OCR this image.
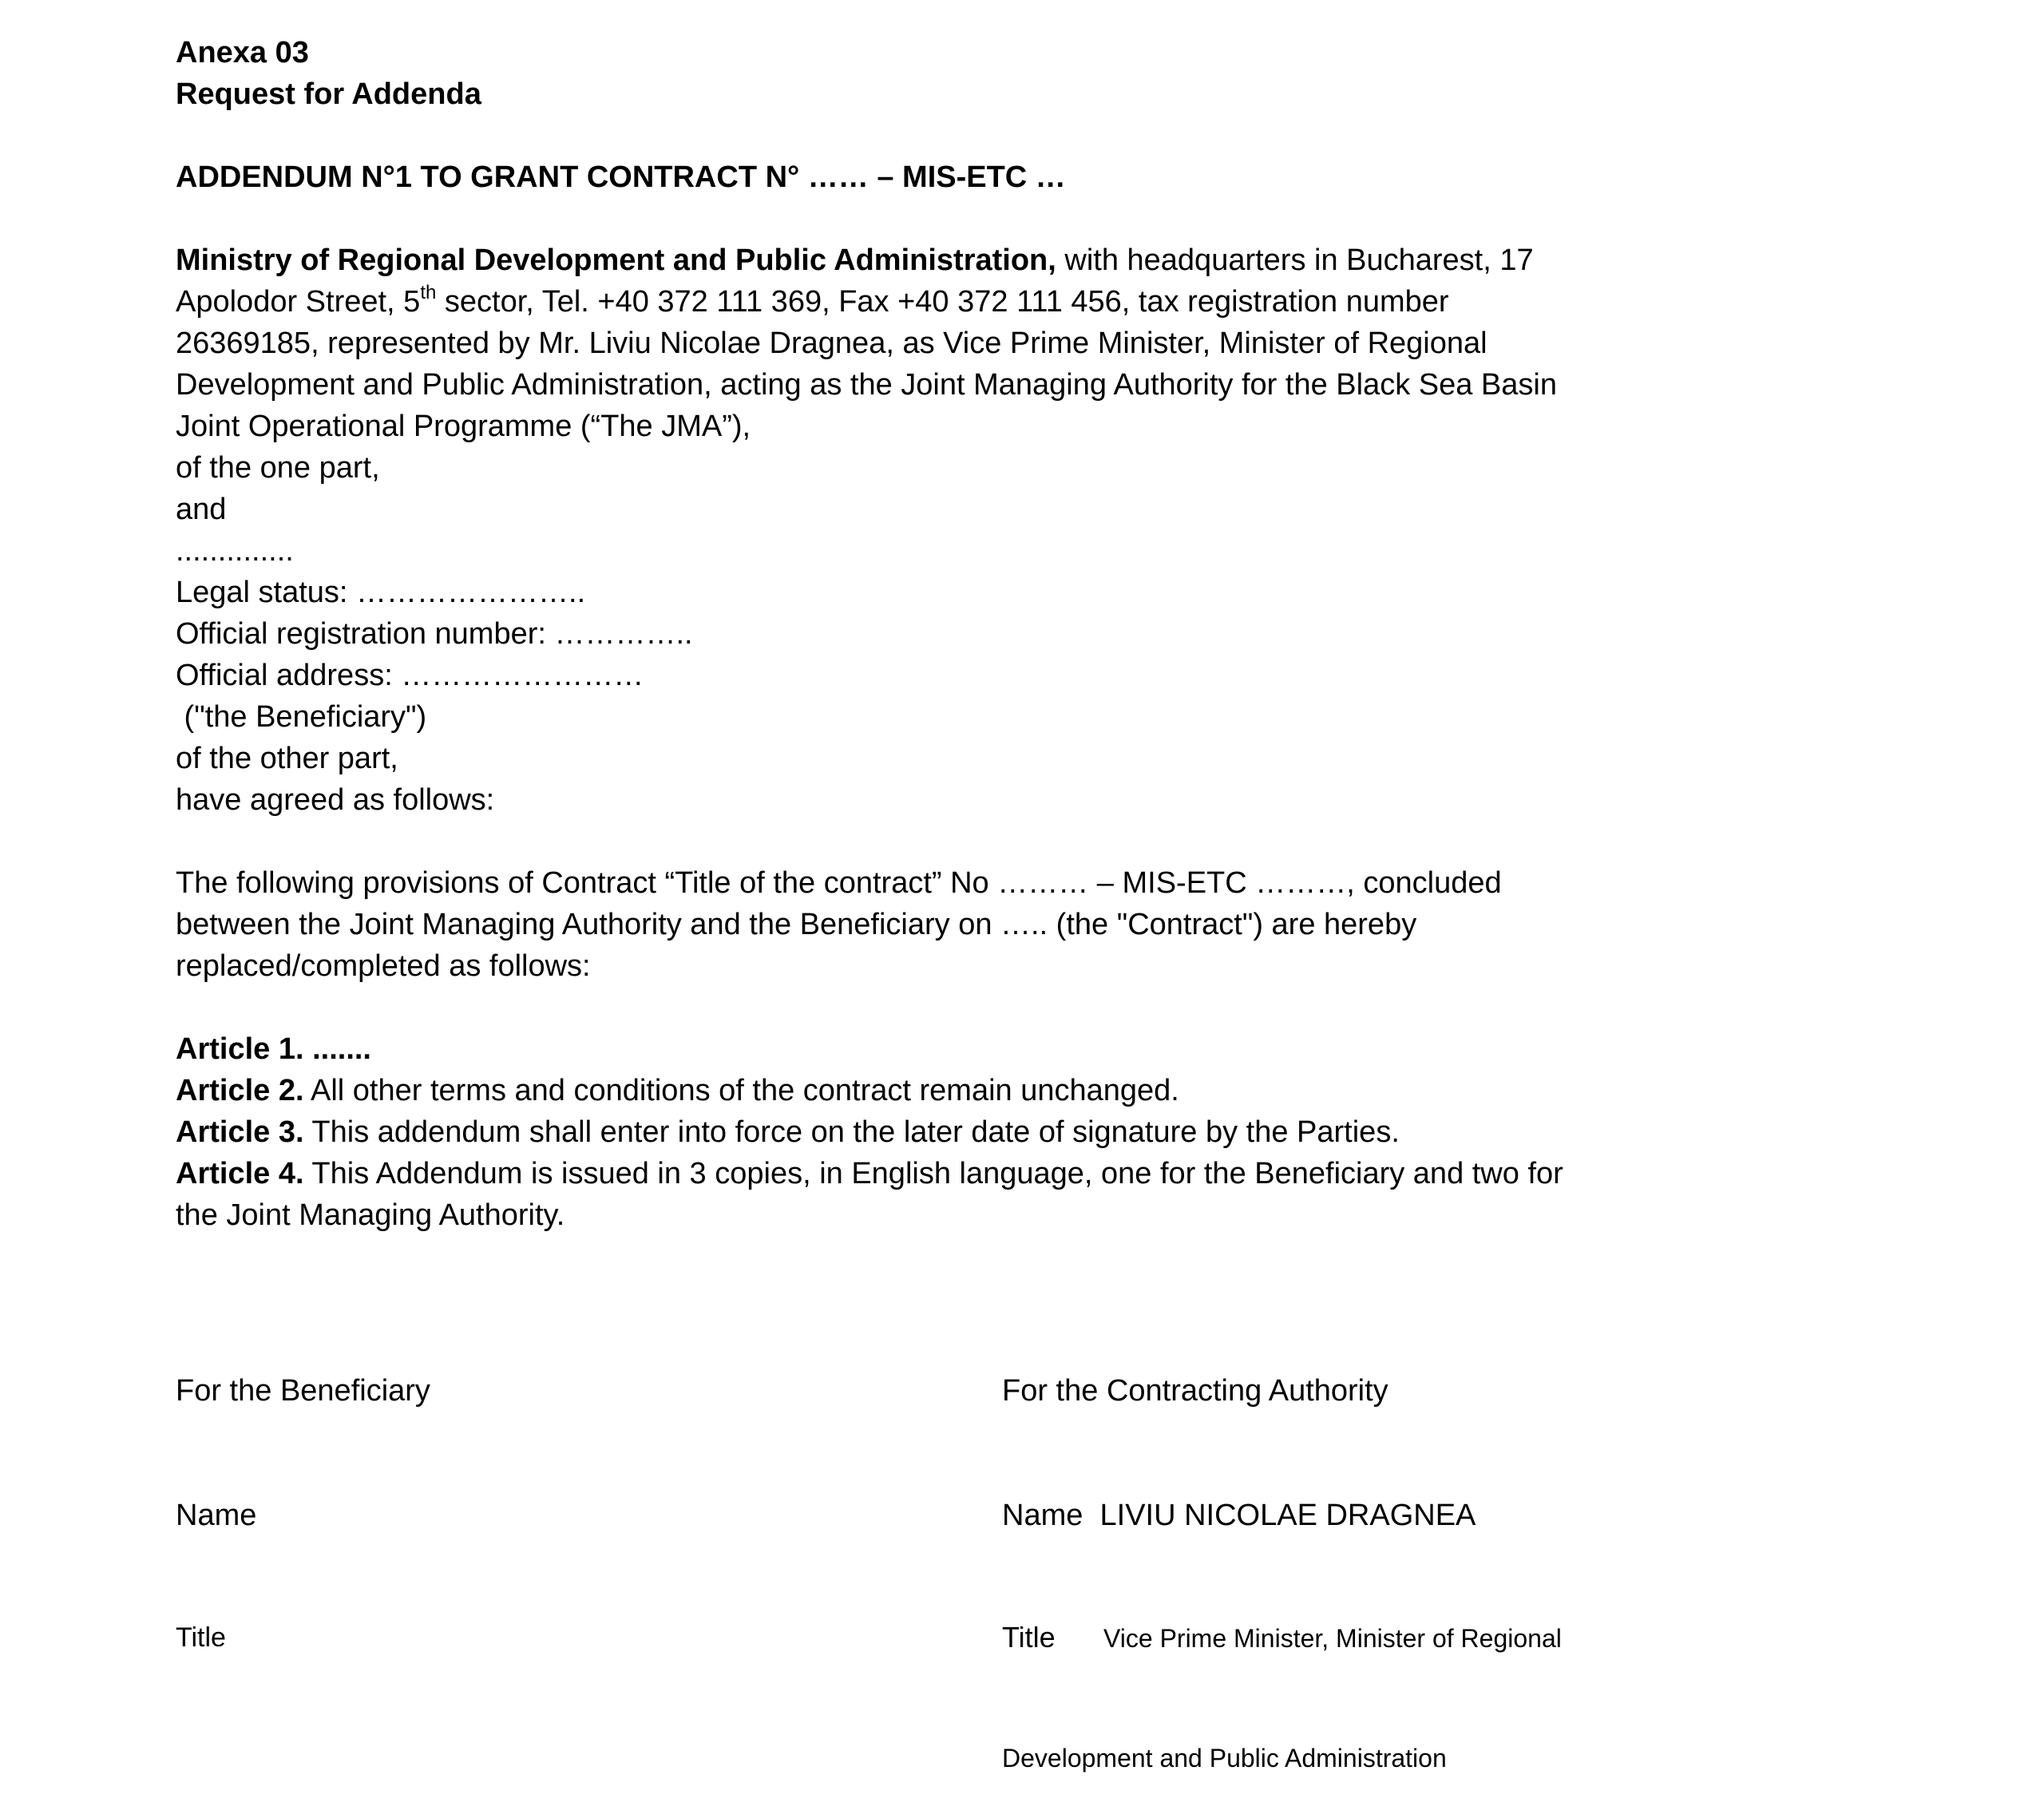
Anexa 03
Request for Addenda
ADDENDUM N°1 TO GRANT CONTRACT N° …… – MIS-ETC …
Ministry of Regional Development and Public Administration, with headquarters in Bucharest, 17
Apolodor Street, 5th sector, Tel. +40 372 111 369, Fax +40 372 111 456, tax registration number
26369185, represented by Mr. Liviu Nicolae Dragnea, as Vice Prime Minister, Minister of Regional
Development and Public Administration, acting as the Joint Managing Authority for the Black Sea Basin
Joint Operational Programme (“The JMA”),
of the one part,
and
..............
Legal status: …………………..
Official registration number: …………..
Official address: ……………………
("the Beneficiary")
of the other part,
have agreed as follows:
The following provisions of Contract “Title of the contract” No ……… – MIS-ETC ………, concluded
between the Joint Managing Authority and the Beneficiary on ….. (the "Contract") are hereby
replaced/completed as follows:
Article 1. .......
Article 2. All other terms and conditions of the contract remain unchanged.
Article 3. This addendum shall enter into force on the later date of signature by the Parties.
Article 4. This Addendum is issued in 3 copies, in English language, one for the Beneficiary and two for
the Joint Managing Authority.

For the Beneficiary

Name

Title

For the Contracting Authority

Name LIVIU NICOLAE DRAGNEA

Title	Vice Prime Minister, Minister of Regional

Development and Public Administration
